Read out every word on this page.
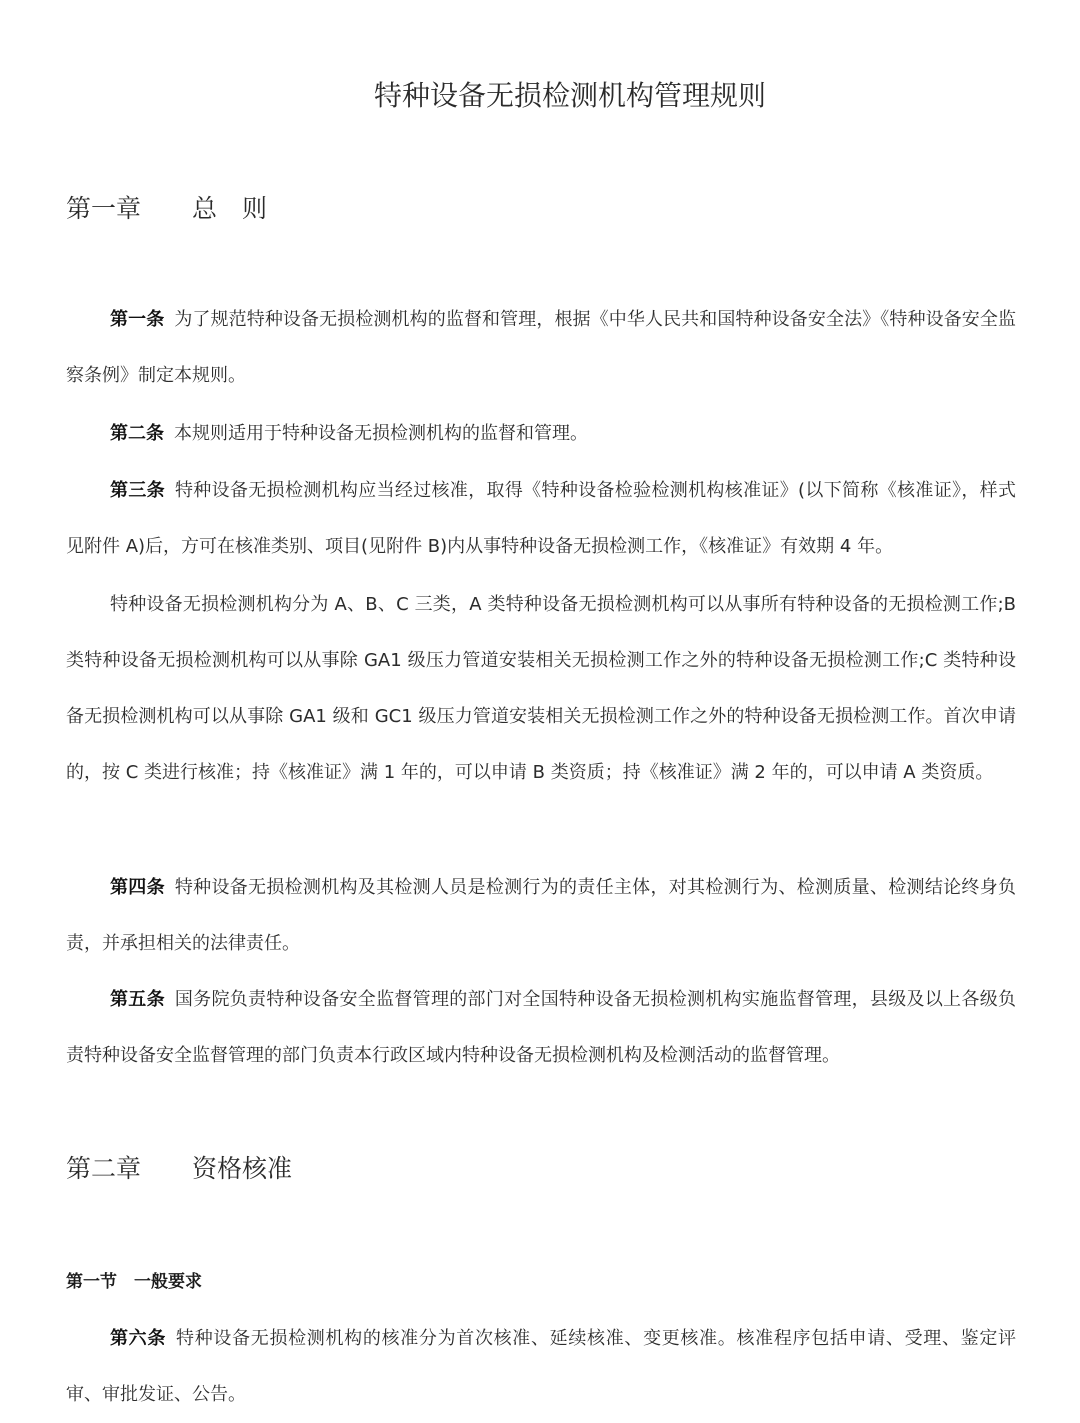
特种设备无损检测机构管理规则
第一章 总　则

第一条 为了规范特种设备无损检测机构的监督和管理，根据《中华人民共和国特种设备安全法》《特种设备安全监察条例》制定本规则。

第二条 本规则适用于特种设备无损检测机构的监督和管理。

第三条 特种设备无损检测机构应当经过核准，取得《特种设备检验检测机构核准证》(以下简称《核准证》，样式见附件 A)后，方可在核准类别、项目(见附件 B)内从事特种设备无损检测工作，《核准证》有效期 4 年。

特种设备无损检测机构分为 A、B、C 三类，A 类特种设备无损检测机构可以从事所有特种设备的无损检测工作;B 类特种设备无损检测机构可以从事除 GA1 级压力管道安装相关无损检测工作之外的特种设备无损检测工作;C 类特种设备无损检测机构可以从事除 GA1 级和 GC1 级压力管道安装相关无损检测工作之外的特种设备无损检测工作。首次申请的，按 C 类进行核准；持《核准证》满 1 年的，可以申请 B 类资质；持《核准证》满 2 年的，可以申请 A 类资质。

第四条 特种设备无损检测机构及其检测人员是检测行为的责任主体，对其检测行为、检测质量、检测结论终身负责，并承担相关的法律责任。

第五条 国务院负责特种设备安全监督管理的部门对全国特种设备无损检测机构实施监督管理，县级及以上各级负责特种设备安全监督管理的部门负责本行政区域内特种设备无损检测机构及检测活动的监督管理。

第二章 资格核准
第一节　一般要求

第六条 特种设备无损检测机构的核准分为首次核准、延续核准、变更核准。核准程序包括申请、受理、鉴定评审、审批发证、公告。
